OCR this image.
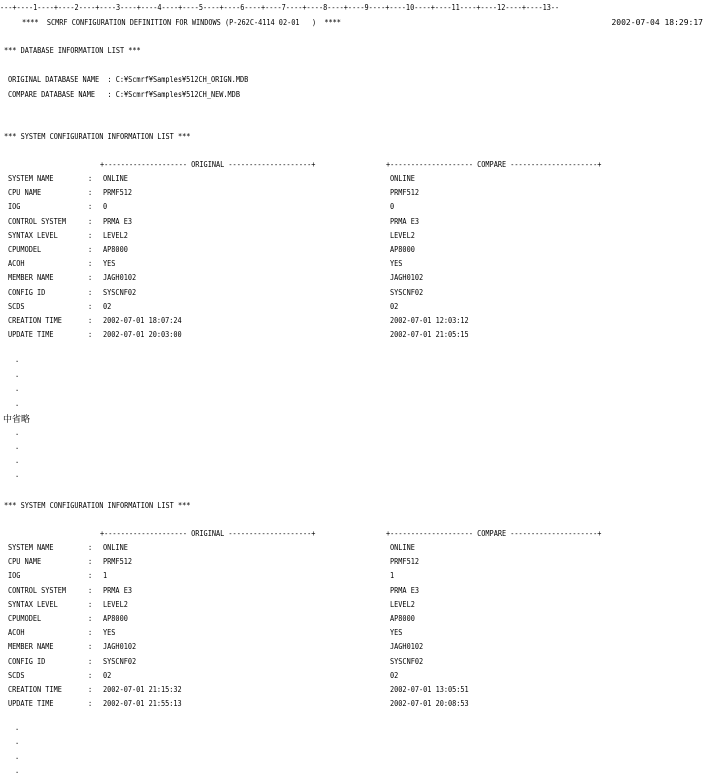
---+----1----+----2----+----3----+----4----+----5----+----6----+----7----+----8----+----9----+----10----+----11----+----12----+----13--
****  SCMRF CONFIGURATION DEFINITION FOR WINDOWS (P-262C-4114 02-01   )  ****	2002-07-04 18:29:17
*** DATABASE INFORMATION LIST ***
ORIGINAL DATABASE NAME  : C:¥Scmrf¥Samples¥512CH_ORIGN.MDB
COMPARE DATABASE NAME   : C:¥Scmrf¥Samples¥512CH_NEW.MDB
*** SYSTEM CONFIGURATION INFORMATION LIST ***
+-------------------- ORIGINAL --------------------+	+-------------------- COMPARE ---------------------+
SYSTEM NAME	: ONLINE	ONLINE
CPU NAME	: PRMF512	PRMF512
IOG	: 0	0
CONTROL SYSTEM	: PRMA E3	PRMA E3
SYNTAX LEVEL	: LEVEL2	LEVEL2
CPUMODEL	: AP8000	AP8000
ACOH	: YES	YES
MEMBER NAME	: JAGH0102	JAGH0102
CONFIG ID	: SYSCNF02	SYSCNF02
SCDS	: 02	02
CREATION TIME	: 2002-07-01 18:07:24	2002-07-01 12:03:12
UPDATE TIME	: 2002-07-01 20:03:00	2002-07-01 21:05:15
.
.
.
.
中省略
.
.
.
.
*** SYSTEM CONFIGURATION INFORMATION LIST ***
+-------------------- ORIGINAL --------------------+	+-------------------- COMPARE ---------------------+
SYSTEM NAME	: ONLINE	ONLINE
CPU NAME	: PRMF512	PRMF512
IOG	: 1	1
CONTROL SYSTEM	: PRMA E3	PRMA E3
SYNTAX LEVEL	: LEVEL2	LEVEL2
CPUMODEL	: AP8000	AP8000
ACOH	: YES	YES
MEMBER NAME	: JAGH0102	JAGH0102
CONFIG ID	: SYSCNF02	SYSCNF02
SCDS	: 02	02
CREATION TIME	: 2002-07-01 21:15:32	2002-07-01 13:05:51
UPDATE TIME	: 2002-07-01 21:55:13	2002-07-01 20:08:53
.
.
.
.
